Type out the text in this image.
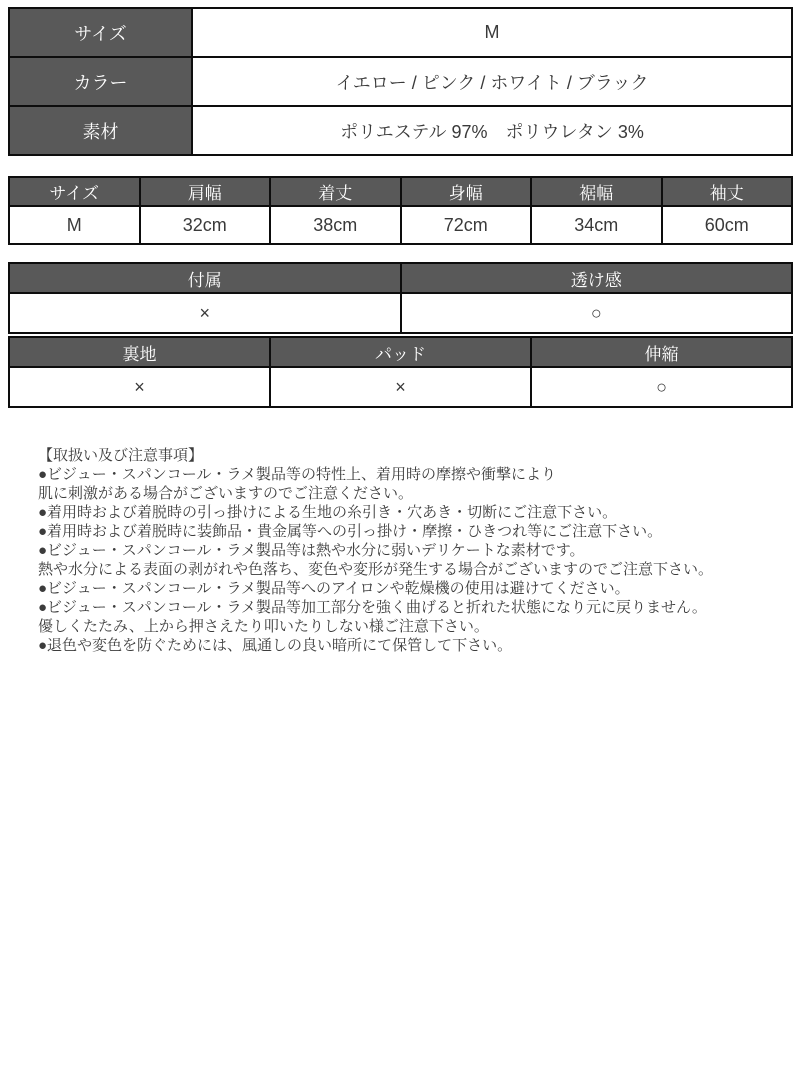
サイズ	M
カラー	イエロー / ピンク / ホワイト / ブラック
素材	ポリエステル 97%　ポリウレタン 3%
サイズ	肩幅	着丈	身幅	裾幅	袖丈
M	32cm	38cm	72cm	34cm	60cm
付属	透け感
×	○
裏地	パッド	伸縮
×	×	○

【取扱い及び注意事項】

●ビジュー・スパンコール・ラメ製品等の特性上、着用時の摩擦や衝撃により

肌に刺激がある場合がございますのでご注意ください。

●着用時および着脱時の引っ掛けによる生地の糸引き・穴あき・切断にご注意下さい。

●着用時および着脱時に装飾品・貴金属等への引っ掛け・摩擦・ひきつれ等にご注意下さい。

●ビジュー・スパンコール・ラメ製品等は熱や水分に弱いデリケートな素材です。

熱や水分による表面の剥がれや色落ち、変色や変形が発生する場合がございますのでご注意下さい。

●ビジュー・スパンコール・ラメ製品等へのアイロンや乾燥機の使用は避けてください。

●ビジュー・スパンコール・ラメ製品等加工部分を強く曲げると折れた状態になり元に戻りません。

優しくたたみ、上から押さえたり叩いたりしない様ご注意下さい。

●退色や変色を防ぐためには、風通しの良い暗所にて保管して下さい。
